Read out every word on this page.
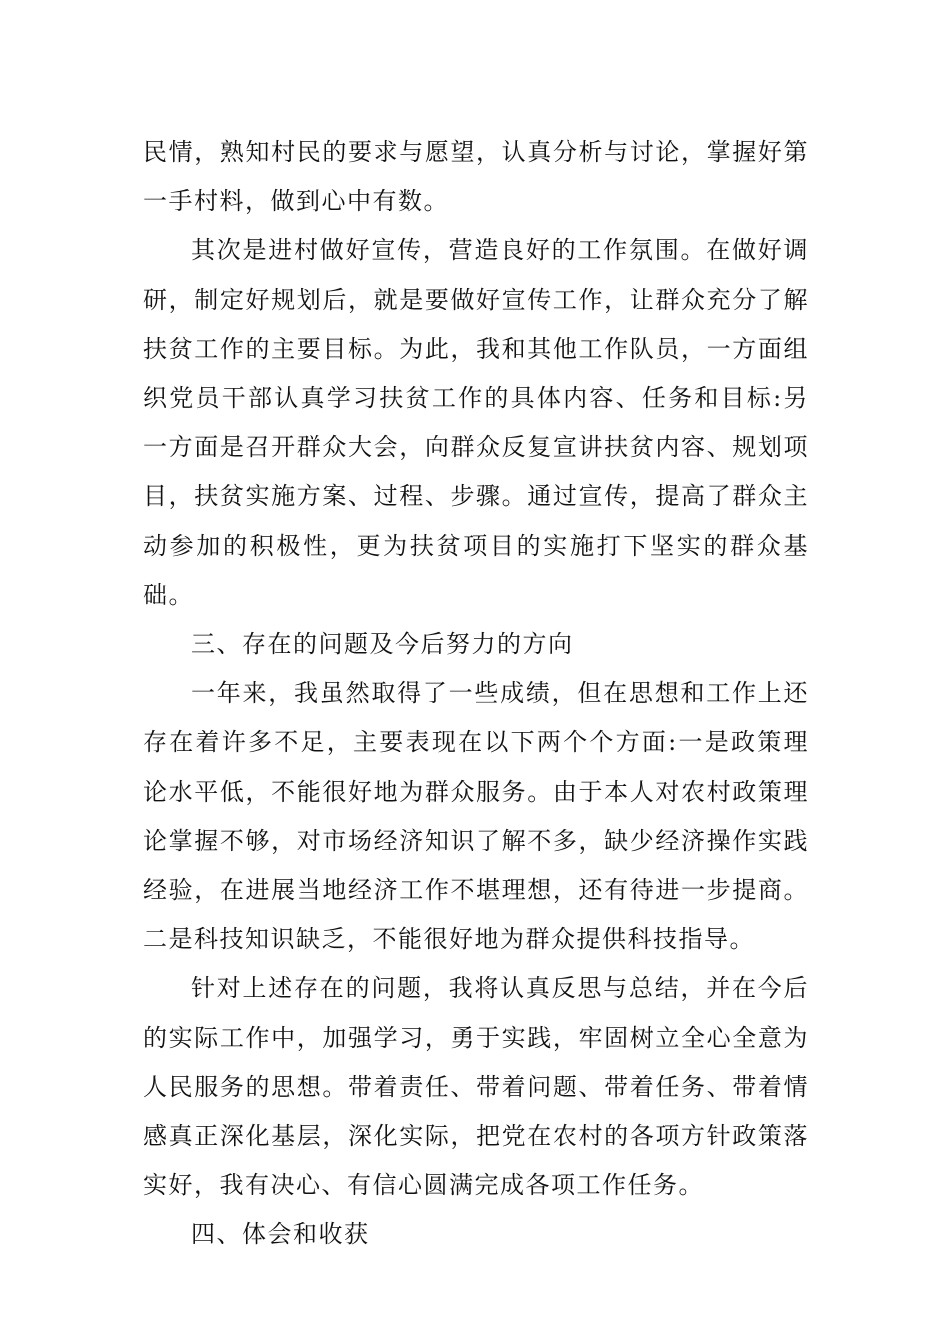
民情，熟知村民的要求与愿望，认真分析与讨论，掌握好第一手村料，做到心中有数。

其次是进村做好宣传，营造良好的工作氛围。在做好调研，制定好规划后，就是要做好宣传工作，让群众充分了解扶贫工作的主要目标。为此，我和其他工作队员，一方面组织党员干部认真学习扶贫工作的具体内容、任务和目标:另一方面是召开群众大会，向群众反复宣讲扶贫内容、规划项目，扶贫实施方案、过程、步骤。通过宣传，提高了群众主动参加的积极性，更为扶贫项目的实施打下坚实的群众基础。

三、存在的问题及今后努力的方向

一年来，我虽然取得了一些成绩，但在思想和工作上还存在着许多不足，主要表现在以下两个个方面:一是政策理论水平低，不能很好地为群众服务。由于本人对农村政策理论掌握不够，对市场经济知识了解不多，缺少经济操作实践经验，在进展当地经济工作不堪理想，还有待进一步提商。二是科技知识缺乏，不能很好地为群众提供科技指导。

针对上述存在的问题，我将认真反思与总结，并在今后的实际工作中，加强学习，勇于实践，牢固树立全心全意为人民服务的思想。带着责任、带着问题、带着任务、带着情感真正深化基层，深化实际，把党在农村的各项方针政策落实好，我有决心、有信心圆满完成各项工作任务。

四、体会和收获
